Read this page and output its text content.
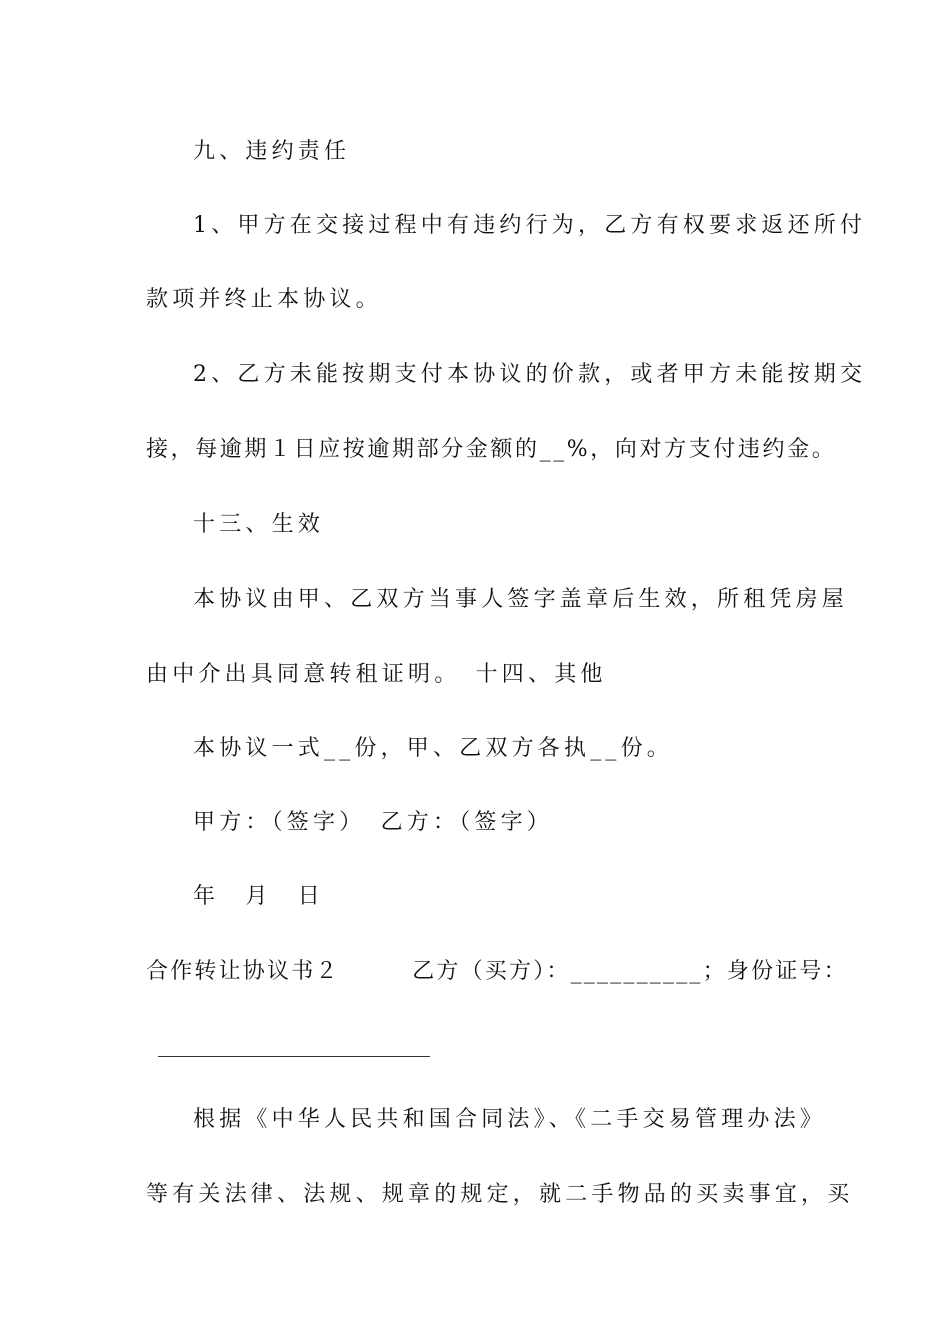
九、违约责任
1、甲方在交接过程中有违约行为，乙方有权要求返还所付
款项并终止本协议。
2、乙方未能按期支付本协议的价款，或者甲方未能按期交
接，每逾期１日应按逾期部分金额的__%，向对方支付违约金。
十三、生效
本协议由甲、乙双方当事人签字盖章后生效，所租凭房屋
由中介出具同意转租证明。　十四、其他
本协议一式__份，甲、乙双方各执__份。
甲方：（签字）　乙方：（签字）
年　月　日
合作转让协议书２　　　乙方（买方）：__________；身份证号：
根据《中华人民共和国合同法》、《二手交易管理办法》
等有关法律、法规、规章的规定，就二手物品的买卖事宜，买
